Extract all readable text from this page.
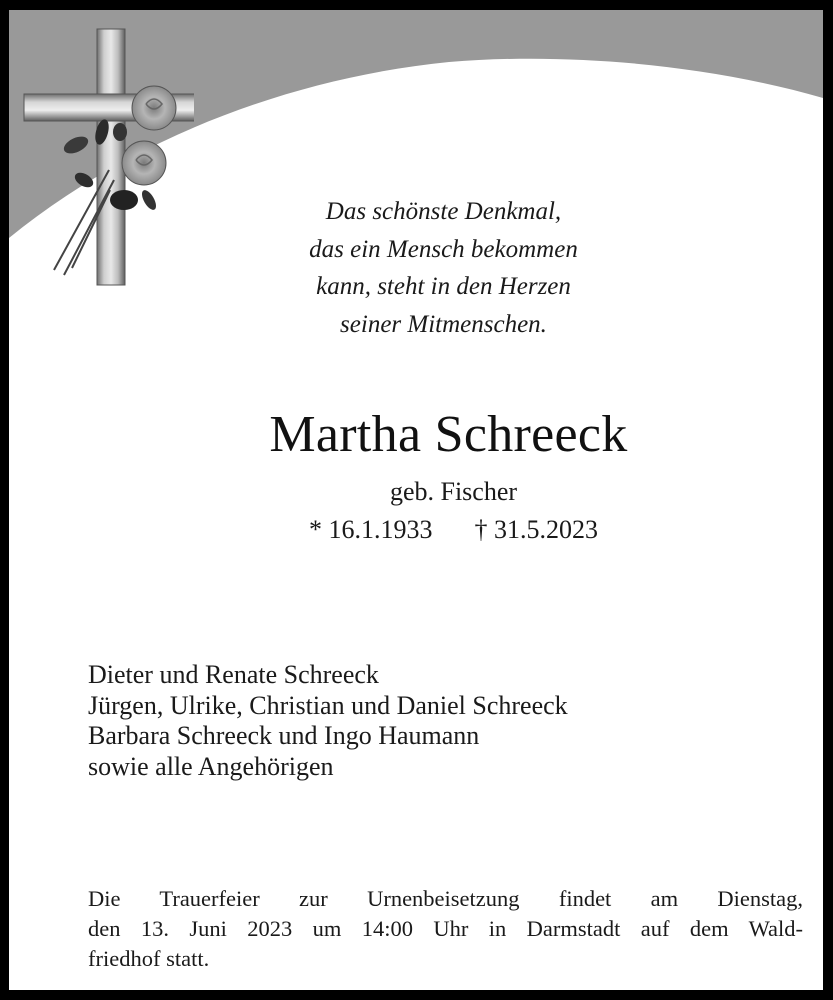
Das schönste Denkmal,
das ein Mensch bekommen
kann, steht in den Herzen
seiner Mitmenschen.
Martha Schreeck
geb. Fischer
* 16.1.1933 † 31.5.2023
Dieter und Renate Schreeck
Jürgen, Ulrike, Christian und Daniel Schreeck
Barbara Schreeck und Ingo Haumann
sowie alle Angehörigen
Die Trauerfeier zur Urnenbeisetzung findet am Dienstag,
den 13. Juni 2023 um 14:00 Uhr in Darmstadt auf dem Wald-
friedhof statt.
